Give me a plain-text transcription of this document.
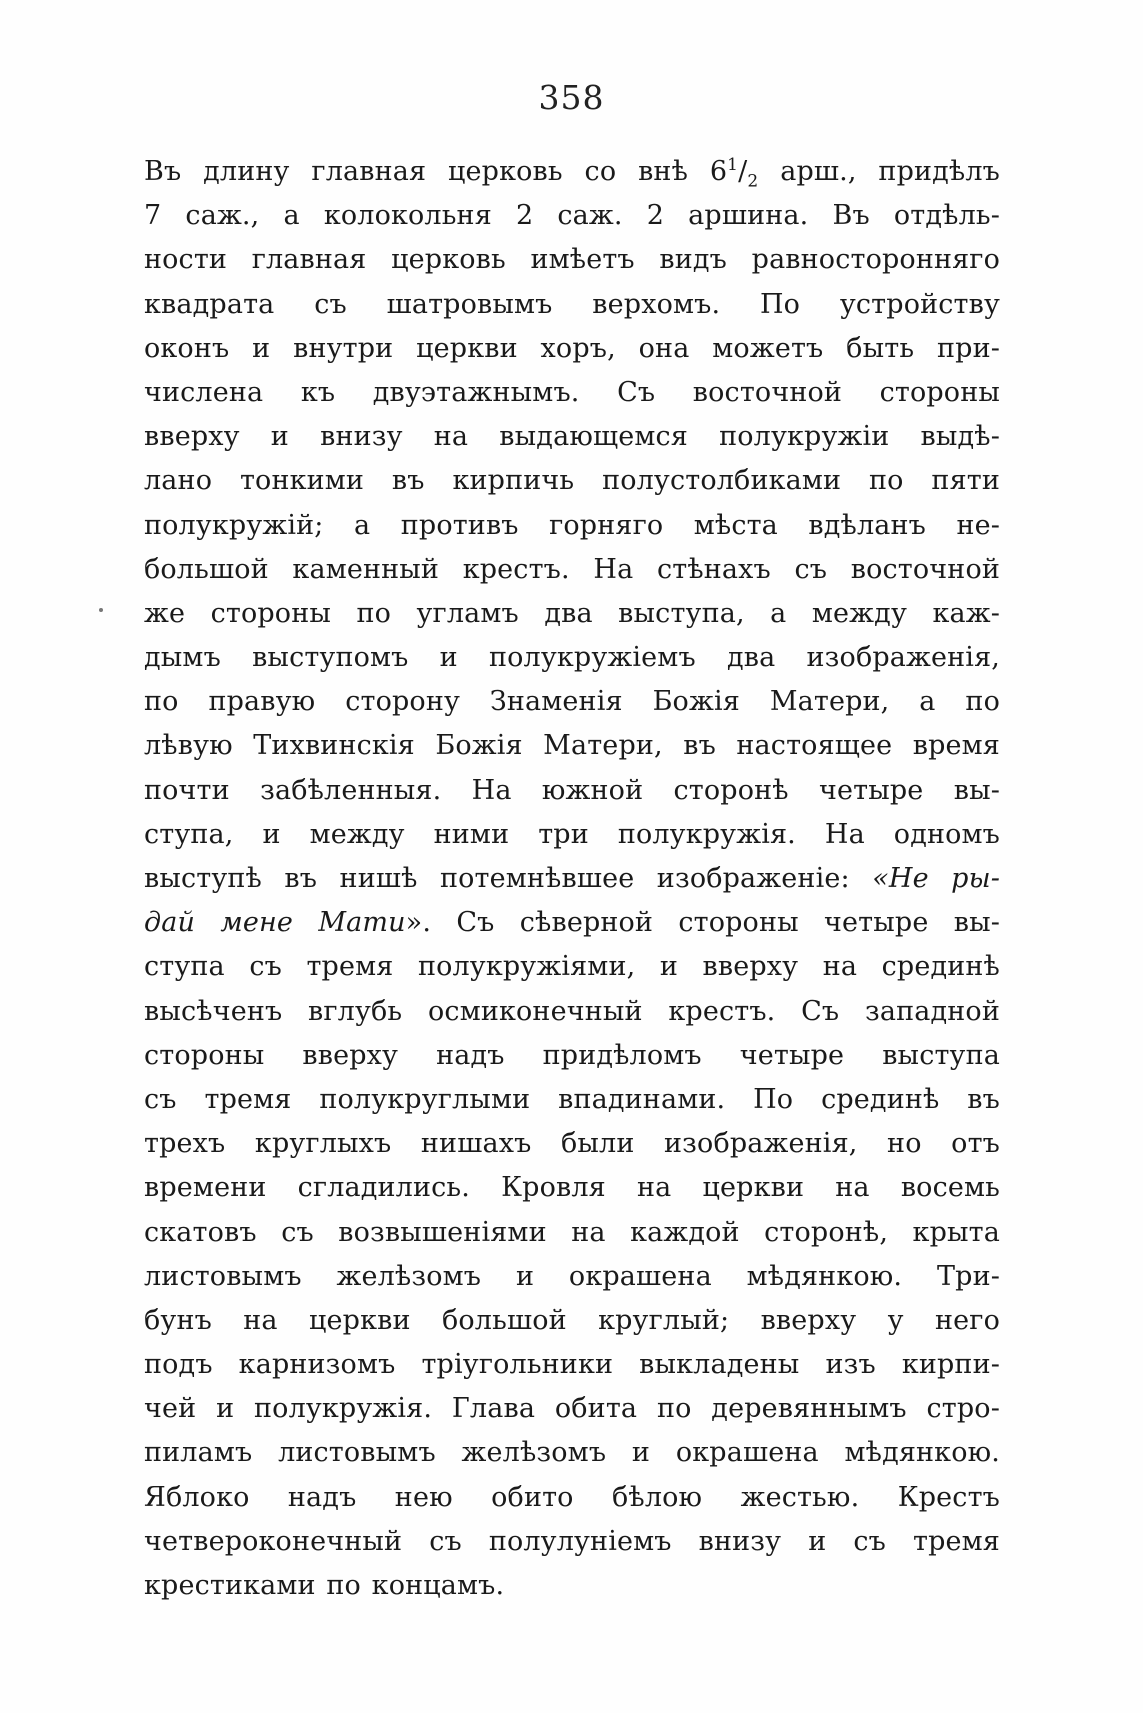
358
Въ длину главная церковь со внѣ $6^1/_2$ арш., придѣлъ
7 саж., а колокольня 2 саж. 2 аршина. Въ отдѣль-
ности главная церковь имѣетъ видъ равносторонняго
квадрата съ шатровымъ верхомъ. По устройству
оконъ и внутри церкви хоръ, она можетъ быть при-
числена къ двуэтажнымъ. Съ восточной стороны
вверху и внизу на выдающемся полукружіи выдѣ-
лано тонкими въ кирпичь полустолбиками по пяти
полукружій; а противъ горняго мѣста вдѣланъ не-
большой каменный крестъ. На стѣнахъ съ восточной
же стороны по угламъ два выступа, а между каж-
дымъ выступомъ и полукружіемъ два изображенія,
по правую сторону Знаменія Божія Матери, а по
лѣвую Тихвинскія Божія Матери, въ настоящее время
почти забѣленныя. На южной сторонѣ четыре вы-
ступа, и между ними три полукружія. На одномъ
выступѣ въ нишѣ потемнѣвшее изображеніе: «Не ры-
дай мене Мати». Съ сѣверной стороны четыре вы-
ступа съ тремя полукружіями, и вверху на срединѣ
высѣченъ вглубь осмиконечный крестъ. Съ западной
стороны вверху надъ придѣломъ четыре выступа
съ тремя полукруглыми впадинами. По срединѣ въ
трехъ круглыхъ нишахъ были изображенія, но отъ
времени сгладились. Кровля на церкви на восемь
скатовъ съ возвышеніями на каждой сторонѣ, крыта
листовымъ желѣзомъ и окрашена мѣдянкою. Три-
бунъ на церкви большой круглый; вверху у него
подъ карнизомъ тріугольники выкладены изъ кирпи-
чей и полукружія. Глава обита по деревяннымъ стро-
пиламъ листовымъ желѣзомъ и окрашена мѣдянкою.
Яблоко надъ нею обито бѣлою жестью. Крестъ
четвероконечный съ полулуніемъ внизу и съ тремя
крестиками по концамъ.
